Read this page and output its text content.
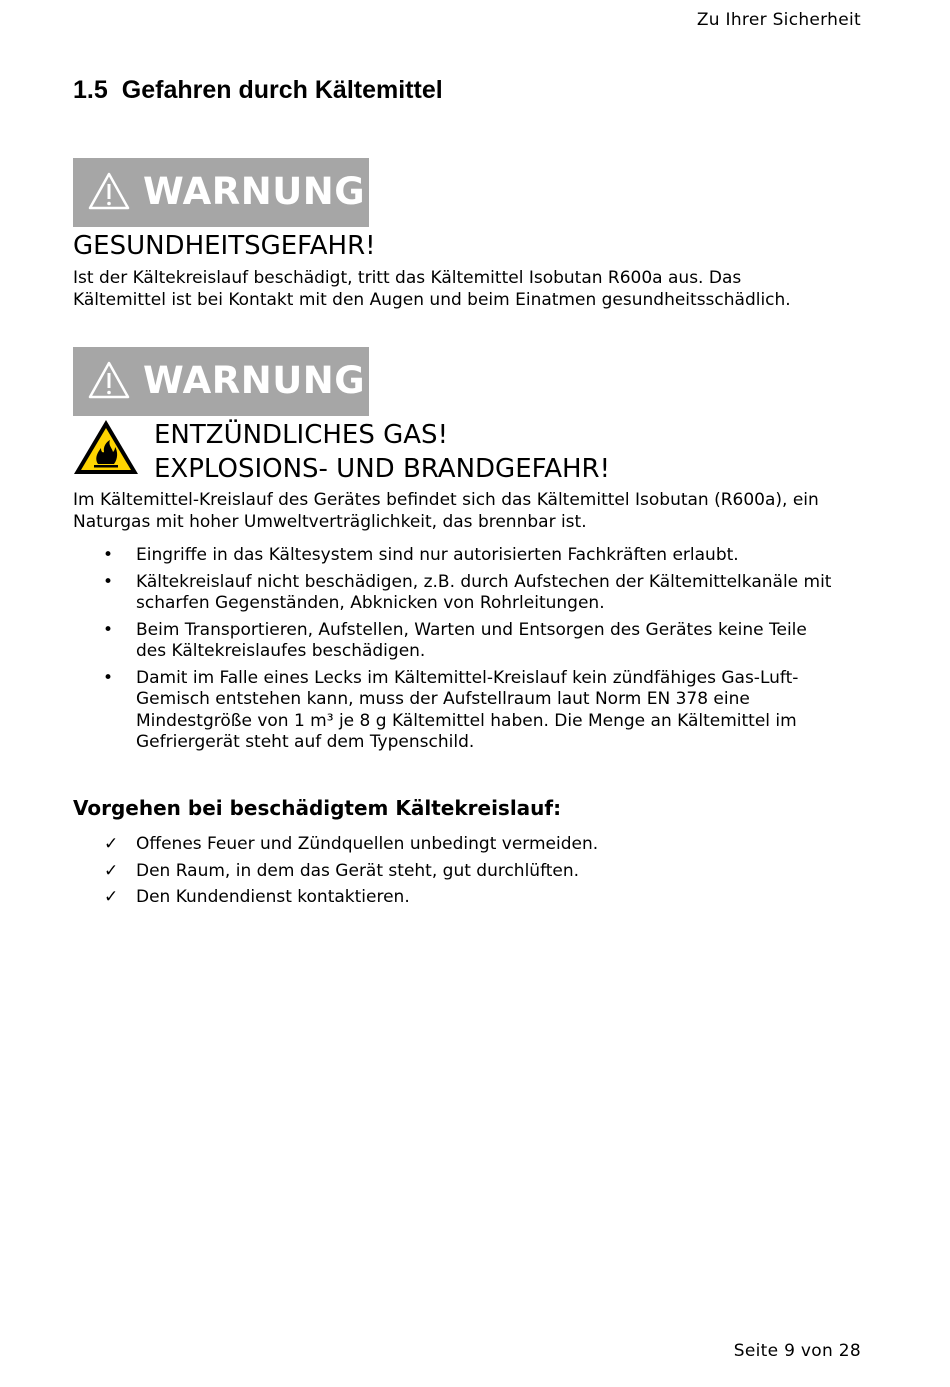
Zu Ihrer Sicherheit
1.5 Gefahren durch Kältemittel
WARNUNG
GESUNDHEITSGEFAHR!

Ist der Kältekreislauf beschädigt, tritt das Kältemittel Isobutan R600a aus. Das
Kältemittel ist bei Kontakt mit den Augen und beim Einatmen gesundheitsschädlich.

WARNUNG
ENTZÜNDLICHES GAS!
EXPLOSIONS- UND BRANDGEFAHR!

Im Kältemittel-Kreislauf des Gerätes befindet sich das Kältemittel Isobutan (R600a), ein
Naturgas mit hoher Umweltverträglichkeit, das brennbar ist.

• Eingriffe in das Kältesystem sind nur autorisierten Fachkräften erlaubt.
• Kältekreislauf nicht beschädigen, z.B. durch Aufstechen der Kältemittelkanäle mit
scharfen Gegenständen, Abknicken von Rohrleitungen.
• Beim Transportieren, Aufstellen, Warten und Entsorgen des Gerätes keine Teile
des Kältekreislaufes beschädigen.
• Damit im Falle eines Lecks im Kältemittel-Kreislauf kein zündfähiges Gas-Luft-
Gemisch entstehen kann, muss der Aufstellraum laut Norm EN 378 eine
Mindestgröße von 1 m³ je 8 g Kältemittel haben. Die Menge an Kältemittel im
Gefriergerät steht auf dem Typenschild.
Vorgehen bei beschädigtem Kältekreislauf:
✓ Offenes Feuer und Zündquellen unbedingt vermeiden.
✓ Den Raum, in dem das Gerät steht, gut durchlüften.
✓ Den Kundendienst kontaktieren.
Seite 9 von 28
